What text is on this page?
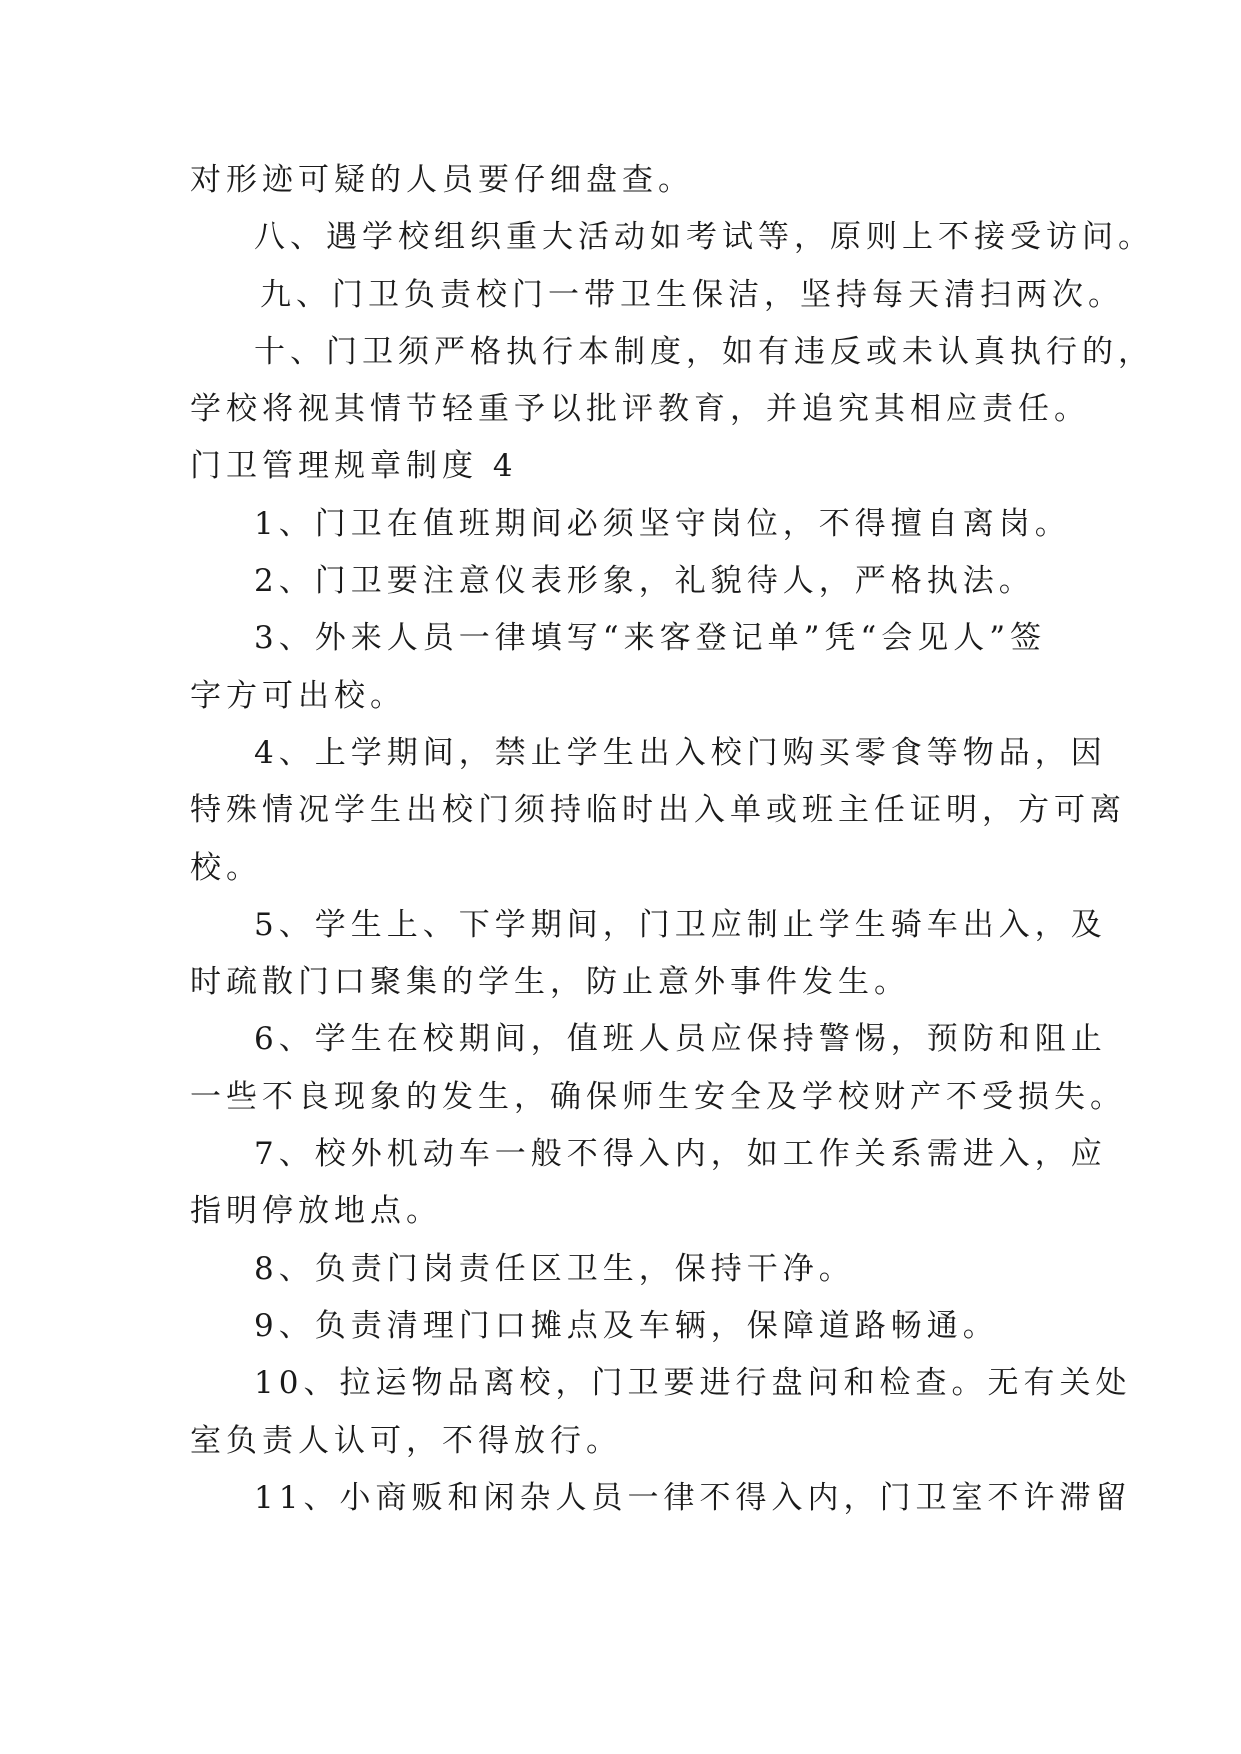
对形迹可疑的人员要仔细盘查。
八、遇学校组织重大活动如考试等，原则上不接受访问。
九、门卫负责校门一带卫生保洁，坚持每天清扫两次。
十、门卫须严格执行本制度，如有违反或未认真执行的，
学校将视其情节轻重予以批评教育，并追究其相应责任。
门卫管理规章制度 4
1、门卫在值班期间必须坚守岗位，不得擅自离岗。
2、门卫要注意仪表形象，礼貌待人，严格执法。
3、外来人员一律填写“来客登记单”凭“会见人”签
字方可出校。
4、上学期间，禁止学生出入校门购买零食等物品，因
特殊情况学生出校门须持临时出入单或班主任证明，方可离
校。
5、学生上、下学期间，门卫应制止学生骑车出入，及
时疏散门口聚集的学生，防止意外事件发生。
6、学生在校期间，值班人员应保持警惕，预防和阻止
一些不良现象的发生，确保师生安全及学校财产不受损失。
7、校外机动车一般不得入内，如工作关系需进入，应
指明停放地点。
8、负责门岗责任区卫生，保持干净。
9、负责清理门口摊点及车辆，保障道路畅通。
10、拉运物品离校，门卫要进行盘问和检查。无有关处
室负责人认可，不得放行。
11、小商贩和闲杂人员一律不得入内，门卫室不许滞留
